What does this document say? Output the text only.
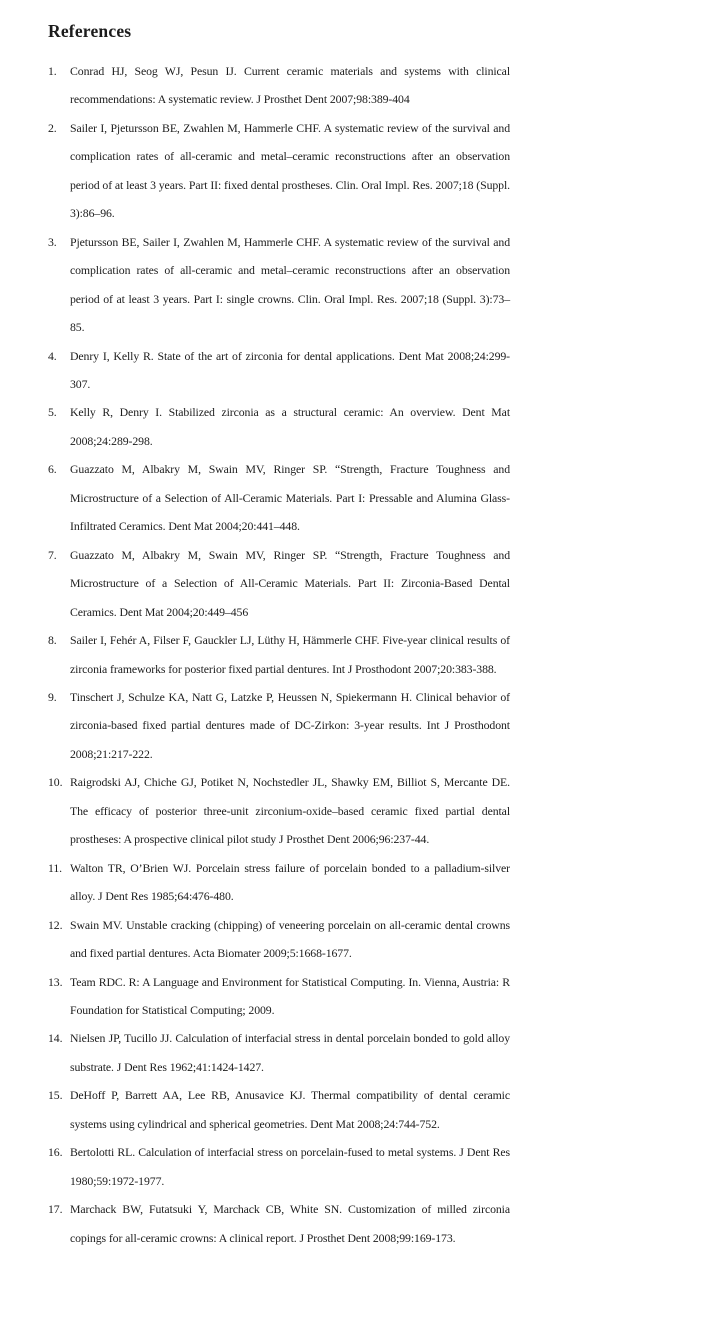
References
1.	Conrad HJ, Seog WJ, Pesun IJ. Current ceramic materials and systems with clinical recommendations: A systematic review. J Prosthet Dent 2007;98:389-404
2.	Sailer I, Pjetursson BE, Zwahlen M, Hammerle CHF. A systematic review of the survival and complication rates of all-ceramic and metal–ceramic reconstructions after an observation period of at least 3 years. Part II: fixed dental prostheses. Clin. Oral Impl. Res. 2007;18 (Suppl. 3):86–96.
3.	Pjetursson BE, Sailer I, Zwahlen M, Hammerle CHF. A systematic review of the survival and complication rates of all-ceramic and metal–ceramic reconstructions after an observation period of at least 3 years. Part I: single crowns. Clin. Oral Impl. Res. 2007;18 (Suppl. 3):73–85.
4.	Denry I, Kelly R. State of the art of zirconia for dental applications. Dent Mat 2008;24:299-307.
5.	Kelly R, Denry I. Stabilized zirconia as a structural ceramic: An overview. Dent Mat 2008;24:289-298.
6.	Guazzato M, Albakry M, Swain MV, Ringer SP. “Strength, Fracture Toughness and Microstructure of a Selection of All-Ceramic Materials. Part I: Pressable and Alumina Glass-Infiltrated Ceramics. Dent Mat 2004;20:441–448.
7.	Guazzato M, Albakry M, Swain MV, Ringer SP. “Strength, Fracture Toughness and Microstructure of a Selection of All-Ceramic Materials. Part II: Zirconia-Based Dental Ceramics. Dent Mat 2004;20:449–456
8.	Sailer I, Fehér A, Filser F, Gauckler LJ, Lüthy H, Hämmerle CHF. Five-year clinical results of zirconia frameworks for posterior fixed partial dentures. Int J Prosthodont 2007;20:383-388.
9.	Tinschert J, Schulze KA, Natt G, Latzke P, Heussen N, Spiekermann H. Clinical behavior of zirconia-based fixed partial dentures made of DC-Zirkon: 3-year results. Int J Prosthodont 2008;21:217-222.
10. Raigrodski AJ, Chiche GJ, Potiket N, Nochstedler JL, Shawky EM, Billiot S, Mercante DE. The efficacy of posterior three-unit zirconium-oxide–based ceramic fixed partial dental prostheses: A prospective clinical pilot study J Prosthet Dent 2006;96:237-44.
11. Walton TR, O’Brien WJ. Porcelain stress failure of porcelain bonded to a palladium-silver alloy. J Dent Res 1985;64:476-480.
12. Swain MV. Unstable cracking (chipping) of veneering porcelain on all-ceramic dental crowns and fixed partial dentures. Acta Biomater 2009;5:1668-1677.
13. Team RDC. R: A Language and Environment for Statistical Computing. In. Vienna, Austria: R Foundation for Statistical Computing; 2009.
14. Nielsen JP, Tucillo JJ. Calculation of interfacial stress in dental porcelain bonded to gold alloy substrate. J Dent Res 1962;41:1424-1427.
15. DeHoff P, Barrett AA, Lee RB, Anusavice KJ. Thermal compatibility of dental ceramic systems using cylindrical and spherical geometries. Dent Mat 2008;24:744-752.
16. Bertolotti RL. Calculation of interfacial stress on porcelain-fused to metal systems. J Dent Res 1980;59:1972-1977.
17. Marchack BW, Futatsuki Y, Marchack CB, White SN. Customization of milled zirconia copings for all-ceramic crowns: A clinical report. J Prosthet Dent 2008;99:169-173.
